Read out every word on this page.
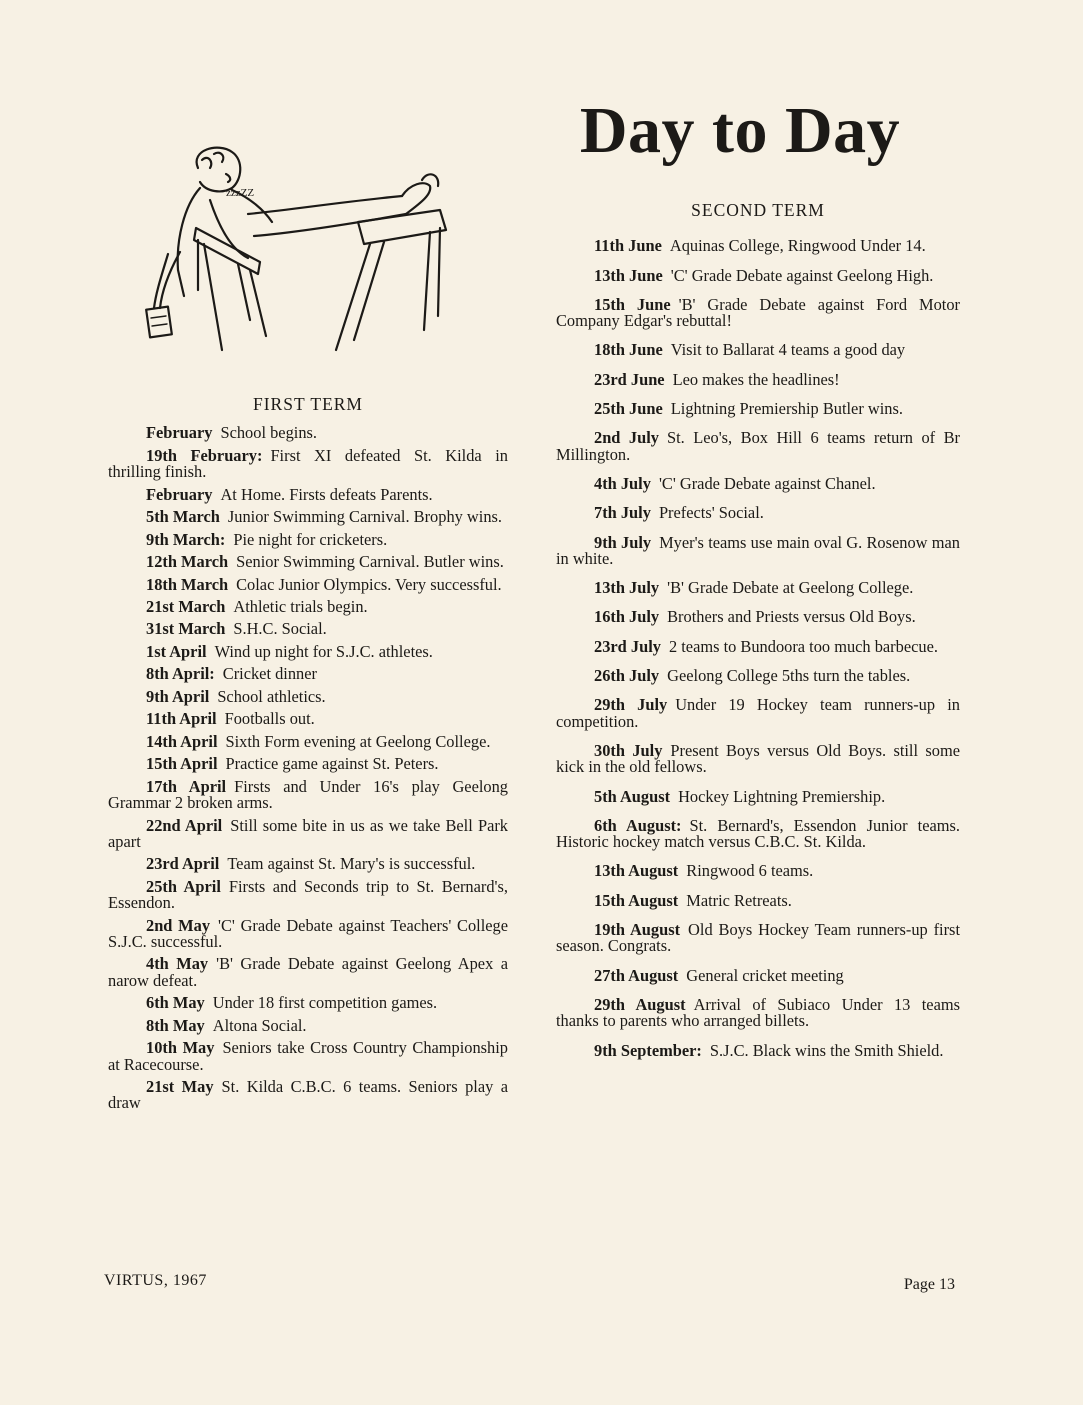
Day to Day
zzzZZ
FIRST TERM

February School begins.

19th February: First XI defeated St. Kilda in thrilling finish.

February At Home. Firsts defeats Parents.

5th March Junior Swimming Carnival. Brophy wins.

9th March: Pie night for cricketers.

12th March Senior Swimming Carnival. Butler wins.

18th March Colac Junior Olympics. Very successful.

21st March Athletic trials begin.

31st March S.H.C. Social.

1st April Wind up night for S.J.C. athletes.

8th April: Cricket dinner

9th April School athletics.

11th April Footballs out.

14th April Sixth Form evening at Geelong College.

15th April Practice game against St. Peters.

17th April Firsts and Under 16's play Geelong Grammar 2 broken arms.

22nd April Still some bite in us as we take Bell Park apart

23rd April Team against St. Mary's is successful.

25th April Firsts and Seconds trip to St. Bernard's, Essendon.

2nd May 'C' Grade Debate against Teachers' College S.J.C. successful.

4th May 'B' Grade Debate against Geelong Apex a narow defeat.

6th May Under 18 first competition games.

8th May Altona Social.

10th May Seniors take Cross Country Championship at Racecourse.

21st May St. Kilda C.B.C. 6 teams. Seniors play a draw

SECOND TERM

11th June Aquinas College, Ringwood Under 14.

13th June 'C' Grade Debate against Geelong High.

15th June 'B' Grade Debate against Ford Motor Company Edgar's rebuttal!

18th June Visit to Ballarat 4 teams a good day

23rd June Leo makes the headlines!

25th June Lightning Premiership Butler wins.

2nd July St. Leo's, Box Hill 6 teams return of Br Millington.

4th July 'C' Grade Debate against Chanel.

7th July Prefects' Social.

9th July Myer's teams use main oval G. Rosenow man in white.

13th July 'B' Grade Debate at Geelong College.

16th July Brothers and Priests versus Old Boys.

23rd July 2 teams to Bundoora too much barbecue.

26th July Geelong College 5ths turn the tables.

29th July Under 19 Hockey team runners-up in competition.

30th July Present Boys versus Old Boys. still some kick in the old fellows.

5th August Hockey Lightning Premiership.

6th August: St. Bernard's, Essendon Junior teams. Historic hockey match versus C.B.C. St. Kilda.

13th August Ringwood 6 teams.

15th August Matric Retreats.

19th August Old Boys Hockey Team runners-up first season. Congrats.

27th August General cricket meeting

29th August Arrival of Subiaco Under 13 teams thanks to parents who arranged billets.

9th September: S.J.C. Black wins the Smith Shield.

VIRTUS, 1967	Page 13
